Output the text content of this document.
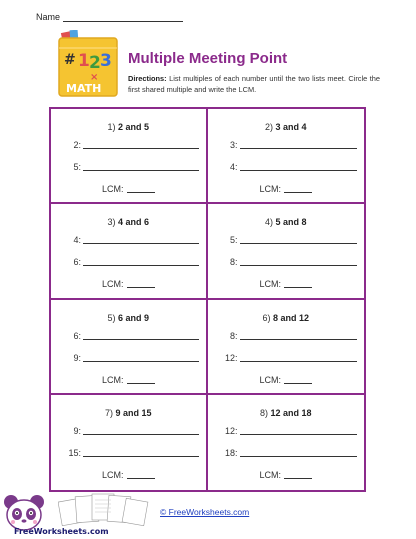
Name
# 1 2 3
×
MATH
Multiple Meeting Point
Directions: List multiples of each number until the two lists meet. Circle the first shared multiple and write the LCM.
1) 2 and 5
2:
5:
LCM:
2) 3 and 4
3:
4:
LCM:
3) 4 and 6
4:
6:
LCM:
4) 5 and 8
5:
8:
LCM:
5) 6 and 9
6:
9:
LCM:
6) 8 and 12
8:
12:
LCM:
7) 9 and 15
9:
15:
LCM:
8) 12 and 18
12:
18:
LCM:
FreeWorksheets.com
© FreeWorksheets.com
